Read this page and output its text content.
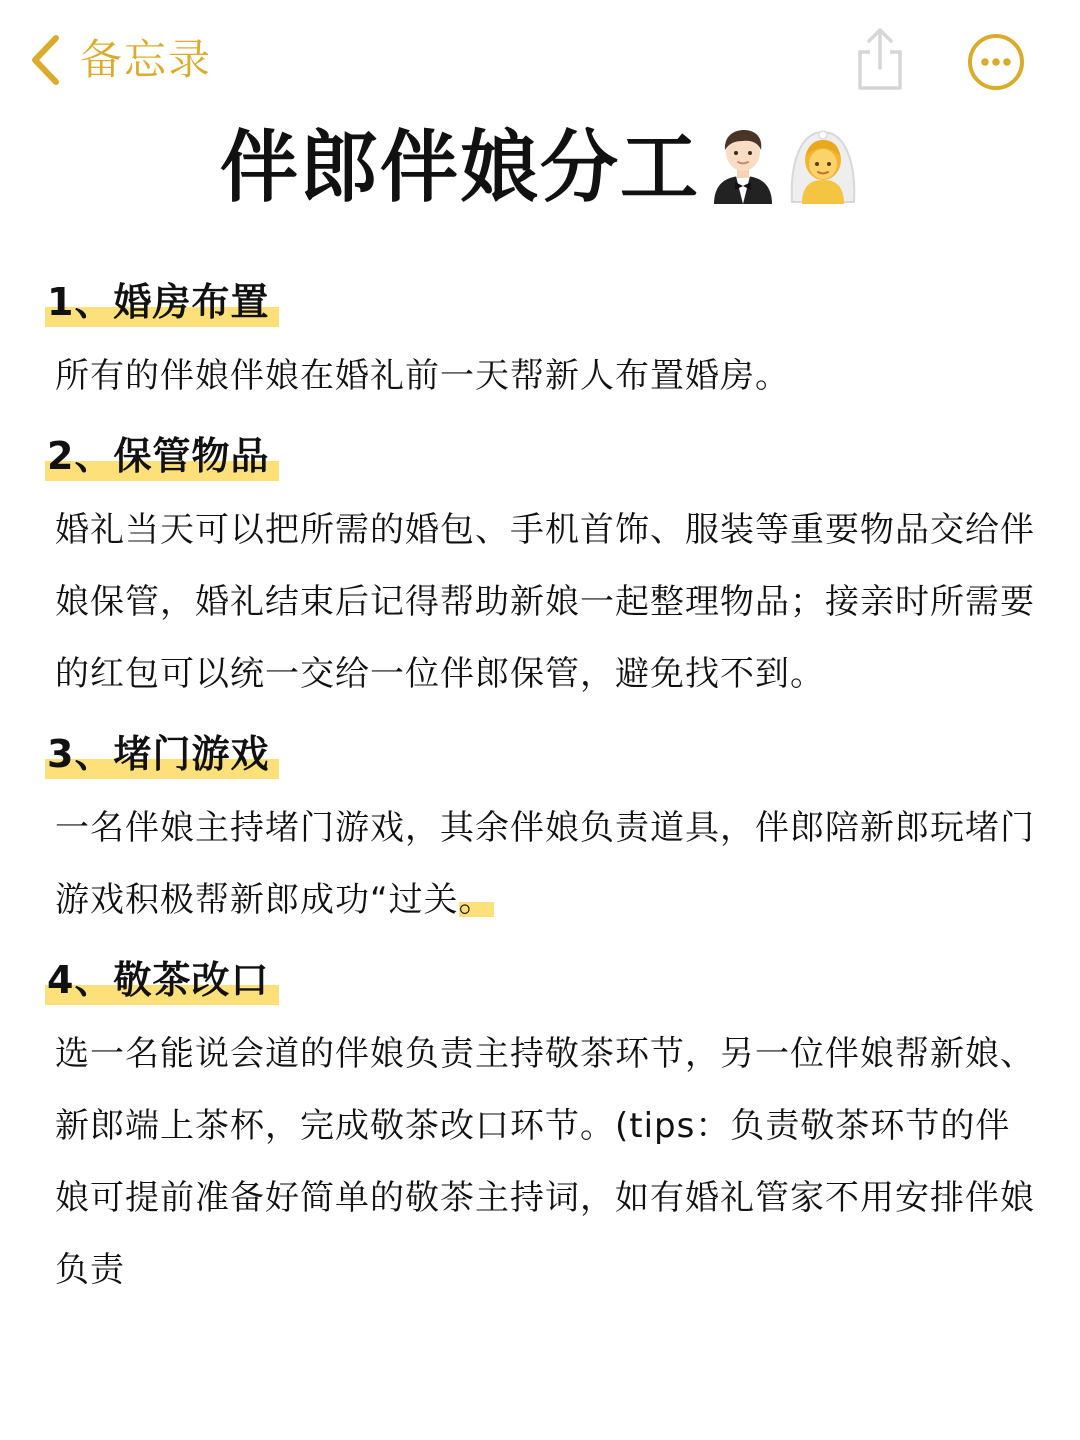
备忘录
伴郎伴娘分工
1、婚房布置
所有的伴娘伴娘在婚礼前一天帮新人布置婚房。
2、保管物品
婚礼当天可以把所需的婚包、手机首饰、服装等重要物品交给伴娘保管，婚礼结束后记得帮助新娘一起整理物品；接亲时所需要的红包可以统一交给一位伴郎保管，避免找不到。
3、堵门游戏
一名伴娘主持堵门游戏，其余伴娘负责道具，伴郎陪新郎玩堵门游戏积极帮新郎成功“过关。
4、敬茶改口
选一名能说会道的伴娘负责主持敬茶环节，另一位伴娘帮新娘、新郎端上茶杯，完成敬茶改口环节。(tips：负责敬茶环节的伴娘可提前准备好简单的敬茶主持词，如有婚礼管家不用安排伴娘负责
